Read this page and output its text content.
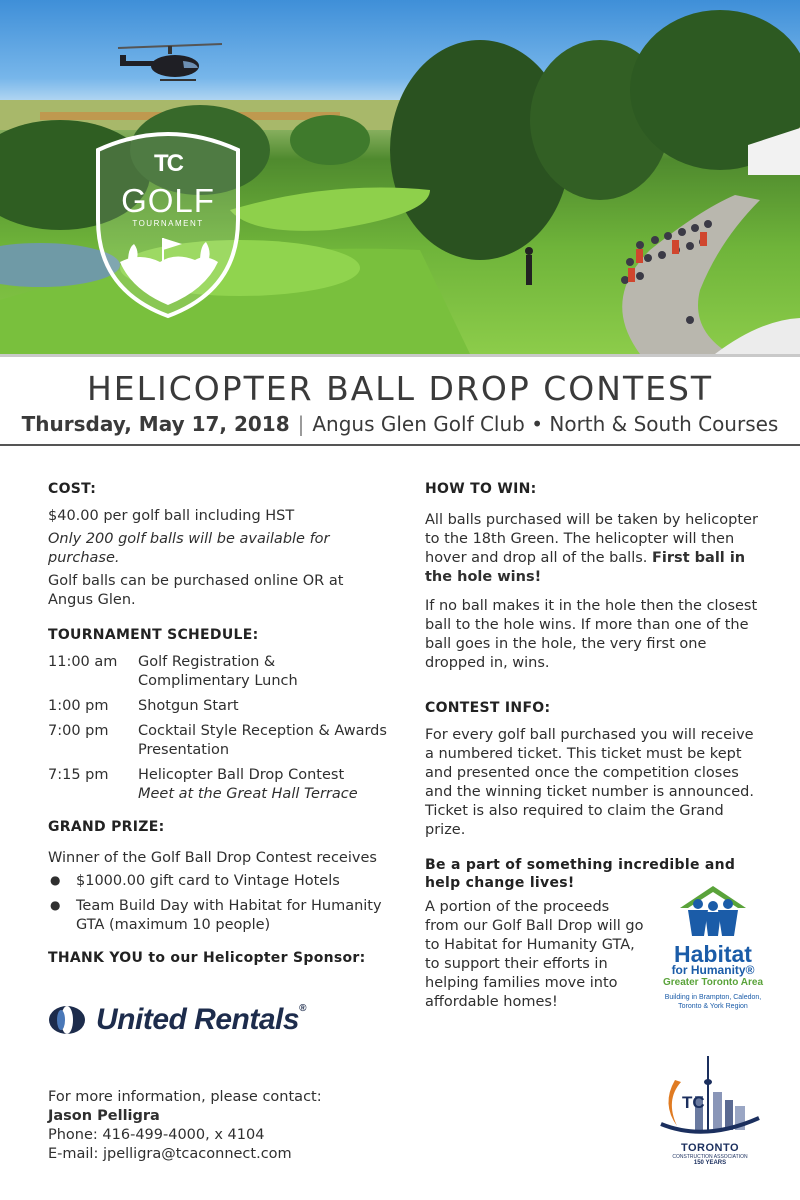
TC
GOLF
TOURNAMENT
HELICOPTER BALL DROP CONTEST
Thursday, May 17, 2018 | Angus Glen Golf Club • North & South Courses
COST:

$40.00 per golf ball including HST

Only 200 golf balls will be available for purchase.

Golf balls can be purchased online OR at Angus Glen.

TOURNAMENT SCHEDULE:
11:00 am	Golf Registration & Complimentary Lunch
1:00 pm	Shotgun Start
7:00 pm	Cocktail Style Reception & Awards Presentation
7:15 pm	Helicopter Ball Drop Contest
Meet at the Great Hall Terrace
GRAND PRIZE:

Winner of the Golf Ball Drop Contest receives

● $1000.00 gift card to Vintage Hotels
● Team Build Day with Habitat for Humanity GTA (maximum 10 people)
THANK YOU to our Helicopter Sponsor:
United Rentals®
For more information, please contact:
Jason Pelligra
Phone: 416-499-4000, x 4104
E-mail: jpelligra@tcaconnect.com
HOW TO WIN:

All balls purchased will be taken by helicopter to the 18th Green. The helicopter will then hover and drop all of the balls. First ball in the hole wins!

If no ball makes it in the hole then the closest ball to the hole wins. If more than one of the ball goes in the hole, the very first one dropped in, wins.

CONTEST INFO:

For every golf ball purchased you will receive a numbered ticket. This ticket must be kept and presented once the competition closes and the winning ticket number is announced. Ticket is also required to claim the Grand prize.

Be a part of something incredible and help change lives!

A portion of the proceeds from our Golf Ball Drop will go to Habitat for Humanity GTA, to support their efforts in helping families move into affordable homes!

Habitat
for Humanity®
Greater Toronto Area
Building in Brampton, Caledon, Toronto & York Region
TC
TORONTO
CONSTRUCTION ASSOCIATION
150 YEARS
